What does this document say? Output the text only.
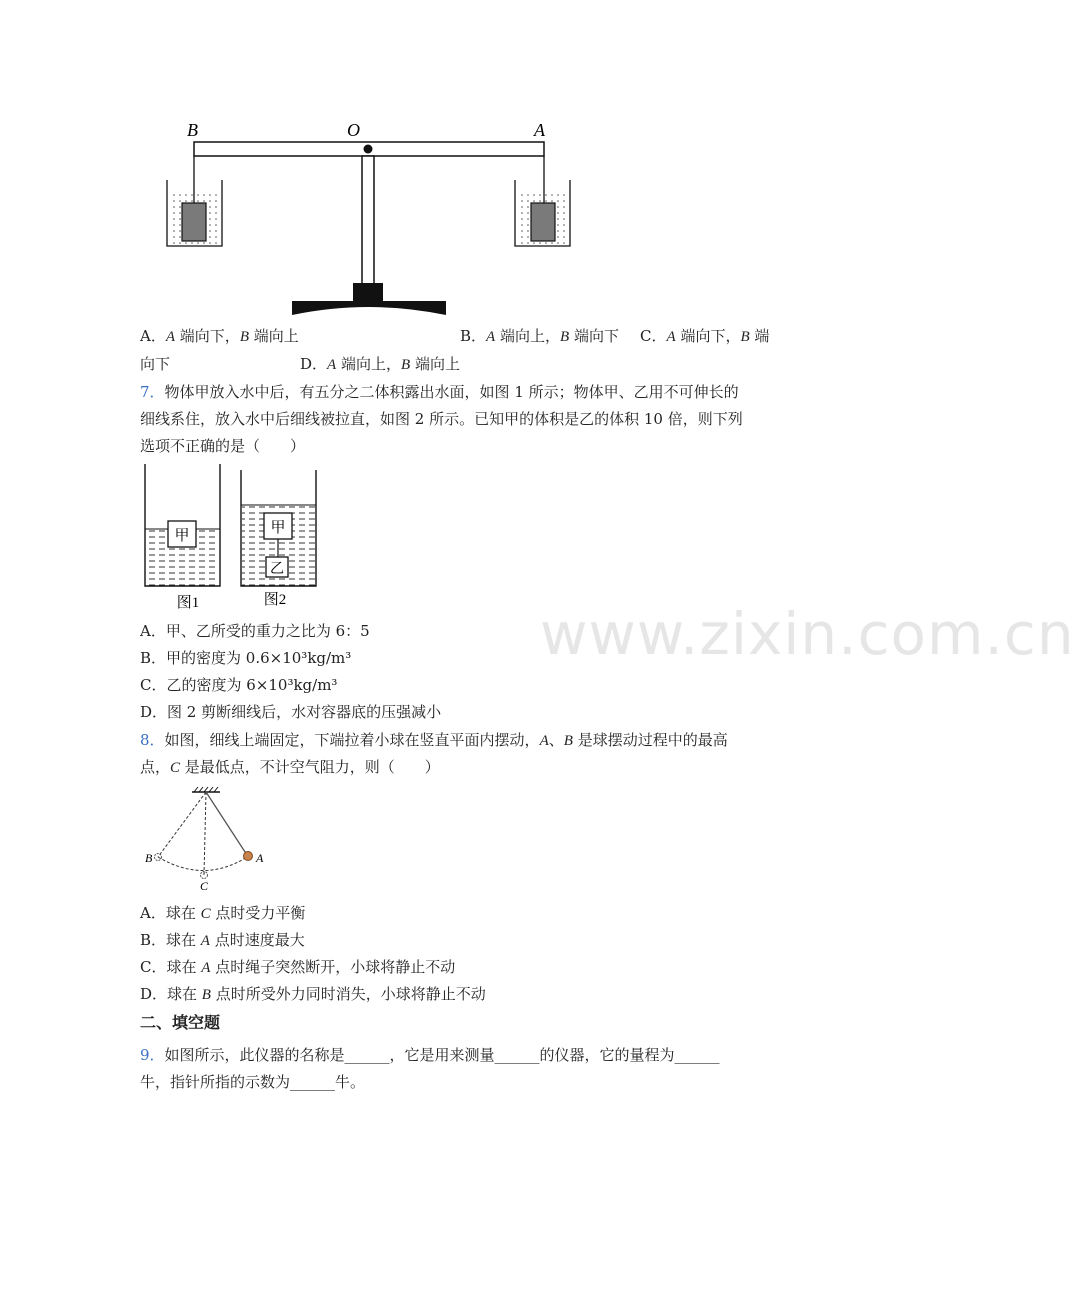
www.zixin.com.cn
B	O	A
A．A 端向下，B 端向上	B．A 端向上，B 端向下 C．A 端向下，B 端
向下	D．A 端向上，B 端向上
7．物体甲放入水中后，有五分之二体积露出水面，如图 1 所示；物体甲、乙用不可伸长的
细线系住，放入水中后细线被拉直，如图 2 所示。已知甲的体积是乙的体积 10 倍，则下列
选项不正确的是（　　）
甲	甲
乙
图1	图2
A．甲、乙所受的重力之比为 6：5
B．甲的密度为 0.6×10³kg/m³
C．乙的密度为 6×10³kg/m³
D．图 2 剪断细线后，水对容器底的压强减小
8．如图，细线上端固定，下端拉着小球在竖直平面内摆动，A、B 是球摆动过程中的最高
点，C 是最低点，不计空气阻力，则（　　）
B	A
C
A．球在 C 点时受力平衡
B．球在 A 点时速度最大
C．球在 A 点时绳子突然断开，小球将静止不动
D．球在 B 点时所受外力同时消失，小球将静止不动
二、填空题
9．如图所示，此仪器的名称是______，它是用来测量______的仪器，它的量程为______
牛，指针所指的示数为______牛。
